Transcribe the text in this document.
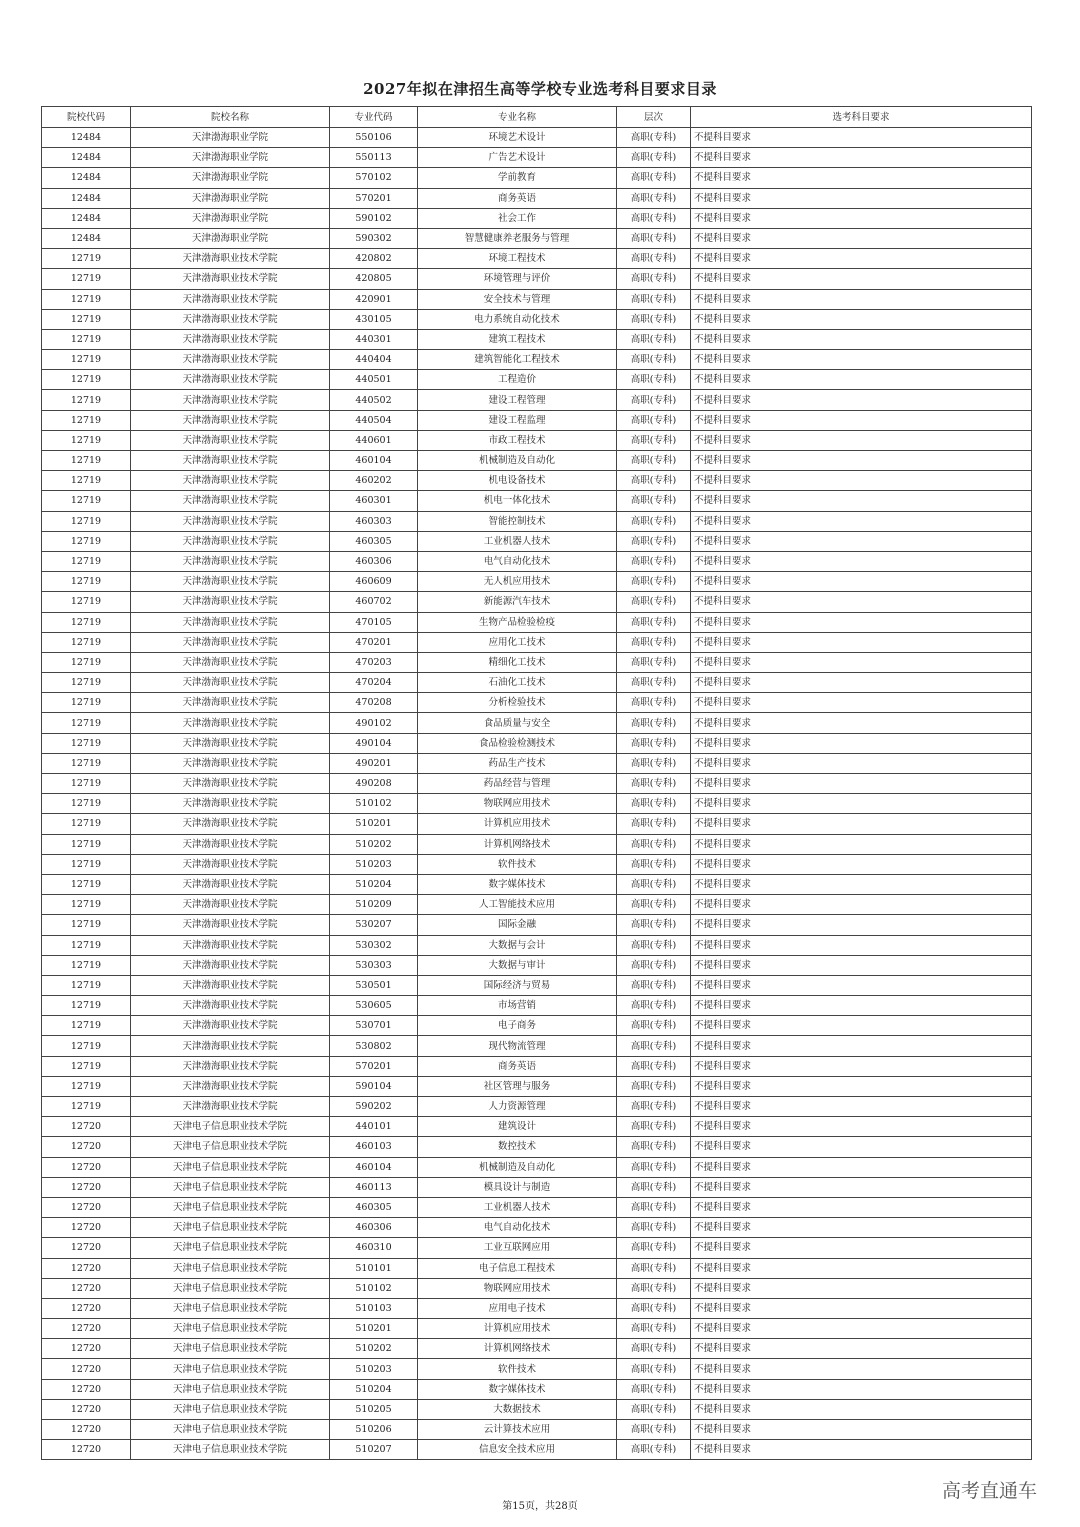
2027年拟在津招生高等学校专业选考科目要求目录
院校代码	院校名称	专业代码	专业名称	层次	选考科目要求
12484	天津渤海职业学院	550106	环境艺术设计	高职(专科)	不提科目要求
12484	天津渤海职业学院	550113	广告艺术设计	高职(专科)	不提科目要求
12484	天津渤海职业学院	570102	学前教育	高职(专科)	不提科目要求
12484	天津渤海职业学院	570201	商务英语	高职(专科)	不提科目要求
12484	天津渤海职业学院	590102	社会工作	高职(专科)	不提科目要求
12484	天津渤海职业学院	590302	智慧健康养老服务与管理	高职(专科)	不提科目要求
12719	天津渤海职业技术学院	420802	环境工程技术	高职(专科)	不提科目要求
12719	天津渤海职业技术学院	420805	环境管理与评价	高职(专科)	不提科目要求
12719	天津渤海职业技术学院	420901	安全技术与管理	高职(专科)	不提科目要求
12719	天津渤海职业技术学院	430105	电力系统自动化技术	高职(专科)	不提科目要求
12719	天津渤海职业技术学院	440301	建筑工程技术	高职(专科)	不提科目要求
12719	天津渤海职业技术学院	440404	建筑智能化工程技术	高职(专科)	不提科目要求
12719	天津渤海职业技术学院	440501	工程造价	高职(专科)	不提科目要求
12719	天津渤海职业技术学院	440502	建设工程管理	高职(专科)	不提科目要求
12719	天津渤海职业技术学院	440504	建设工程监理	高职(专科)	不提科目要求
12719	天津渤海职业技术学院	440601	市政工程技术	高职(专科)	不提科目要求
12719	天津渤海职业技术学院	460104	机械制造及自动化	高职(专科)	不提科目要求
12719	天津渤海职业技术学院	460202	机电设备技术	高职(专科)	不提科目要求
12719	天津渤海职业技术学院	460301	机电一体化技术	高职(专科)	不提科目要求
12719	天津渤海职业技术学院	460303	智能控制技术	高职(专科)	不提科目要求
12719	天津渤海职业技术学院	460305	工业机器人技术	高职(专科)	不提科目要求
12719	天津渤海职业技术学院	460306	电气自动化技术	高职(专科)	不提科目要求
12719	天津渤海职业技术学院	460609	无人机应用技术	高职(专科)	不提科目要求
12719	天津渤海职业技术学院	460702	新能源汽车技术	高职(专科)	不提科目要求
12719	天津渤海职业技术学院	470105	生物产品检验检疫	高职(专科)	不提科目要求
12719	天津渤海职业技术学院	470201	应用化工技术	高职(专科)	不提科目要求
12719	天津渤海职业技术学院	470203	精细化工技术	高职(专科)	不提科目要求
12719	天津渤海职业技术学院	470204	石油化工技术	高职(专科)	不提科目要求
12719	天津渤海职业技术学院	470208	分析检验技术	高职(专科)	不提科目要求
12719	天津渤海职业技术学院	490102	食品质量与安全	高职(专科)	不提科目要求
12719	天津渤海职业技术学院	490104	食品检验检测技术	高职(专科)	不提科目要求
12719	天津渤海职业技术学院	490201	药品生产技术	高职(专科)	不提科目要求
12719	天津渤海职业技术学院	490208	药品经营与管理	高职(专科)	不提科目要求
12719	天津渤海职业技术学院	510102	物联网应用技术	高职(专科)	不提科目要求
12719	天津渤海职业技术学院	510201	计算机应用技术	高职(专科)	不提科目要求
12719	天津渤海职业技术学院	510202	计算机网络技术	高职(专科)	不提科目要求
12719	天津渤海职业技术学院	510203	软件技术	高职(专科)	不提科目要求
12719	天津渤海职业技术学院	510204	数字媒体技术	高职(专科)	不提科目要求
12719	天津渤海职业技术学院	510209	人工智能技术应用	高职(专科)	不提科目要求
12719	天津渤海职业技术学院	530207	国际金融	高职(专科)	不提科目要求
12719	天津渤海职业技术学院	530302	大数据与会计	高职(专科)	不提科目要求
12719	天津渤海职业技术学院	530303	大数据与审计	高职(专科)	不提科目要求
12719	天津渤海职业技术学院	530501	国际经济与贸易	高职(专科)	不提科目要求
12719	天津渤海职业技术学院	530605	市场营销	高职(专科)	不提科目要求
12719	天津渤海职业技术学院	530701	电子商务	高职(专科)	不提科目要求
12719	天津渤海职业技术学院	530802	现代物流管理	高职(专科)	不提科目要求
12719	天津渤海职业技术学院	570201	商务英语	高职(专科)	不提科目要求
12719	天津渤海职业技术学院	590104	社区管理与服务	高职(专科)	不提科目要求
12719	天津渤海职业技术学院	590202	人力资源管理	高职(专科)	不提科目要求
12720	天津电子信息职业技术学院	440101	建筑设计	高职(专科)	不提科目要求
12720	天津电子信息职业技术学院	460103	数控技术	高职(专科)	不提科目要求
12720	天津电子信息职业技术学院	460104	机械制造及自动化	高职(专科)	不提科目要求
12720	天津电子信息职业技术学院	460113	模具设计与制造	高职(专科)	不提科目要求
12720	天津电子信息职业技术学院	460305	工业机器人技术	高职(专科)	不提科目要求
12720	天津电子信息职业技术学院	460306	电气自动化技术	高职(专科)	不提科目要求
12720	天津电子信息职业技术学院	460310	工业互联网应用	高职(专科)	不提科目要求
12720	天津电子信息职业技术学院	510101	电子信息工程技术	高职(专科)	不提科目要求
12720	天津电子信息职业技术学院	510102	物联网应用技术	高职(专科)	不提科目要求
12720	天津电子信息职业技术学院	510103	应用电子技术	高职(专科)	不提科目要求
12720	天津电子信息职业技术学院	510201	计算机应用技术	高职(专科)	不提科目要求
12720	天津电子信息职业技术学院	510202	计算机网络技术	高职(专科)	不提科目要求
12720	天津电子信息职业技术学院	510203	软件技术	高职(专科)	不提科目要求
12720	天津电子信息职业技术学院	510204	数字媒体技术	高职(专科)	不提科目要求
12720	天津电子信息职业技术学院	510205	大数据技术	高职(专科)	不提科目要求
12720	天津电子信息职业技术学院	510206	云计算技术应用	高职(专科)	不提科目要求
12720	天津电子信息职业技术学院	510207	信息安全技术应用	高职(专科)	不提科目要求
第15页，共28页
高考直通车
